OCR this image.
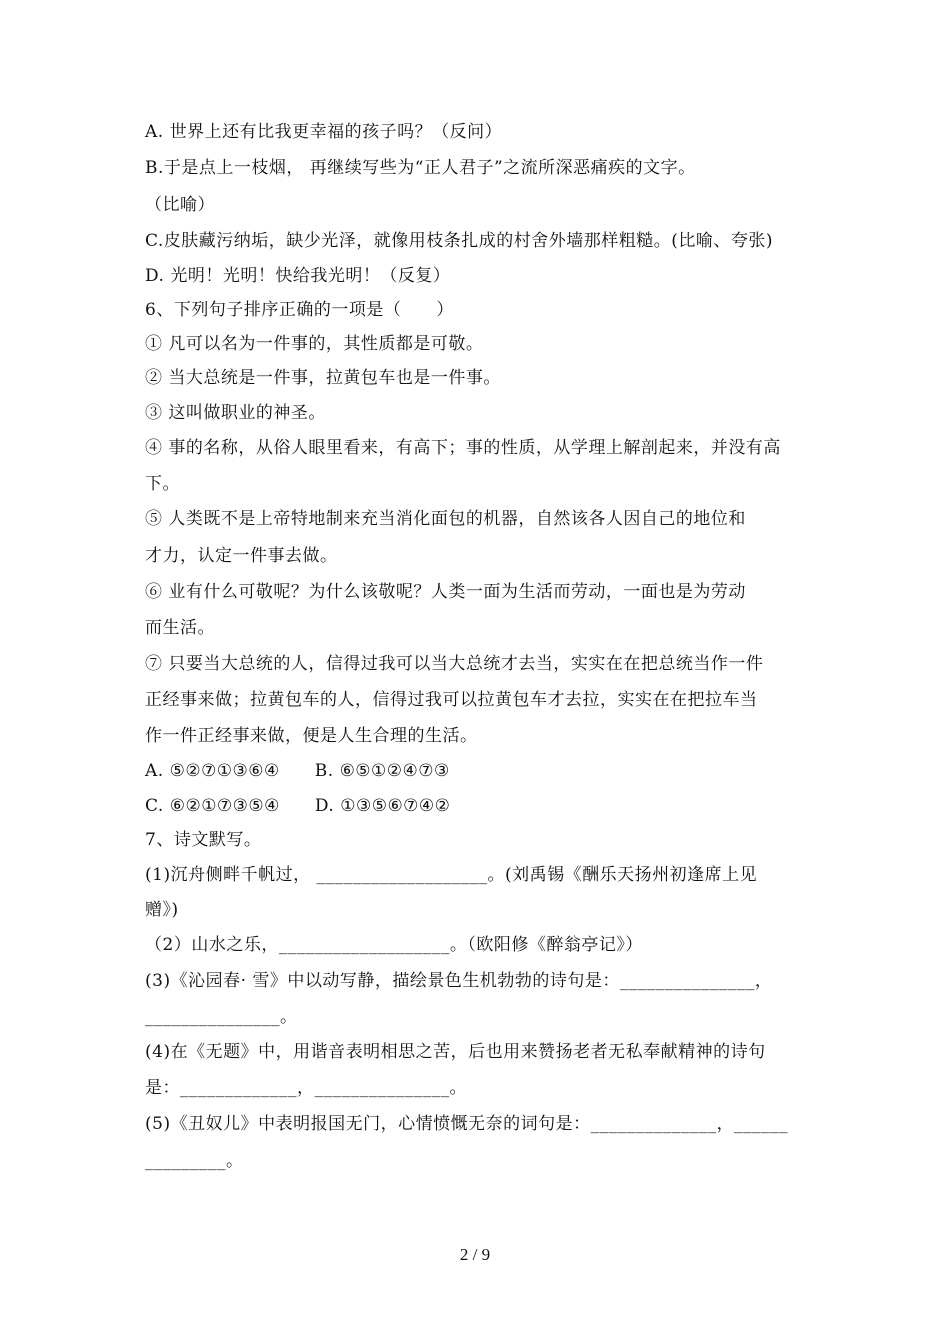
A. 世界上还有比我更幸福的孩子吗？（反问）
B.于是点上一枝烟， 再继续写些为“正人君子”之流所深恶痛疾的文字。
（比喻）
C.皮肤藏污纳垢，缺少光泽，就像用枝条扎成的村舍外墙那样粗糙。(比喻、夸张)
D. 光明！光明！快给我光明！（反复）
6、下列句子排序正确的一项是（　　）
① 凡可以名为一件事的，其性质都是可敬。
② 当大总统是一件事，拉黄包车也是一件事。
③ 这叫做职业的神圣。
④ 事的名称，从俗人眼里看来，有高下；事的性质，从学理上解剖起来，并没有高
下。
⑤ 人类既不是上帝特地制来充当消化面包的机器，自然该各人因自己的地位和
才力，认定一件事去做。
⑥ 业有什么可敬呢？为什么该敬呢？人类一面为生活而劳动，一面也是为劳动
而生活。
⑦ 只要当大总统的人，信得过我可以当大总统才去当，实实在在把总统当作一件
正经事来做；拉黄包车的人，信得过我可以拉黄包车才去拉，实实在在把拉车当
作一件正经事来做，便是人生合理的生活。
A. ⑤②⑦①③⑥④　　B. ⑥⑤①②④⑦③
C. ⑥②①⑦③⑤④　　D. ①③⑤⑥⑦④②
7、诗文默写。
(1)沉舟侧畔千帆过， ___________________。(刘禹锡《酬乐天扬州初逢席上见
赠》)
（2）山水之乐，___________________。（欧阳修《醉翁亭记》）
(3)《沁园春· 雪》中以动写静，描绘景色生机勃勃的诗句是：_______________，
_______________。
(4)在《无题》中，用谐音表明相思之苦，后也用来赞扬老者无私奉献精神的诗句
是：_____________，_______________。
(5)《丑奴儿》中表明报国无门，心情愤慨无奈的词句是：______________，______
_________。
2 / 9
